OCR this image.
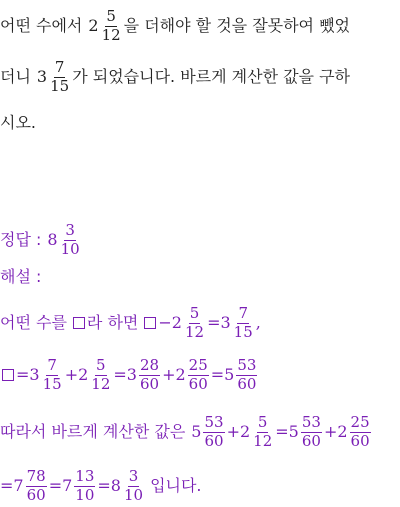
어떤 수에서 $2 \frac{5}{12}$ 을 더해야 할 것을 잘못하여 뺐었
더니 $3 \frac{7}{15}$ 가 되었습니다. 바르게 계산한 값을 구하
시오.
정답 : $8 \frac{3}{10}$
해설 :
어떤 수를 라 하면 $-2 \frac{5}{12} =3 \frac{7}{15}$ ,
$=3 \frac{7}{15} +2 \frac{5}{12} =3 \frac{28}{60} +2 \frac{25}{60} =5 \frac{53}{60}$
따라서 바르게 계산한 값은 $5 \frac{53}{60} +2 \frac{5}{12} =5 \frac{53}{60} +2 \frac{25}{60}$
$=7 \frac{78}{60} =7 \frac{13}{10} =8 \frac{3}{10}$ 입니다.
